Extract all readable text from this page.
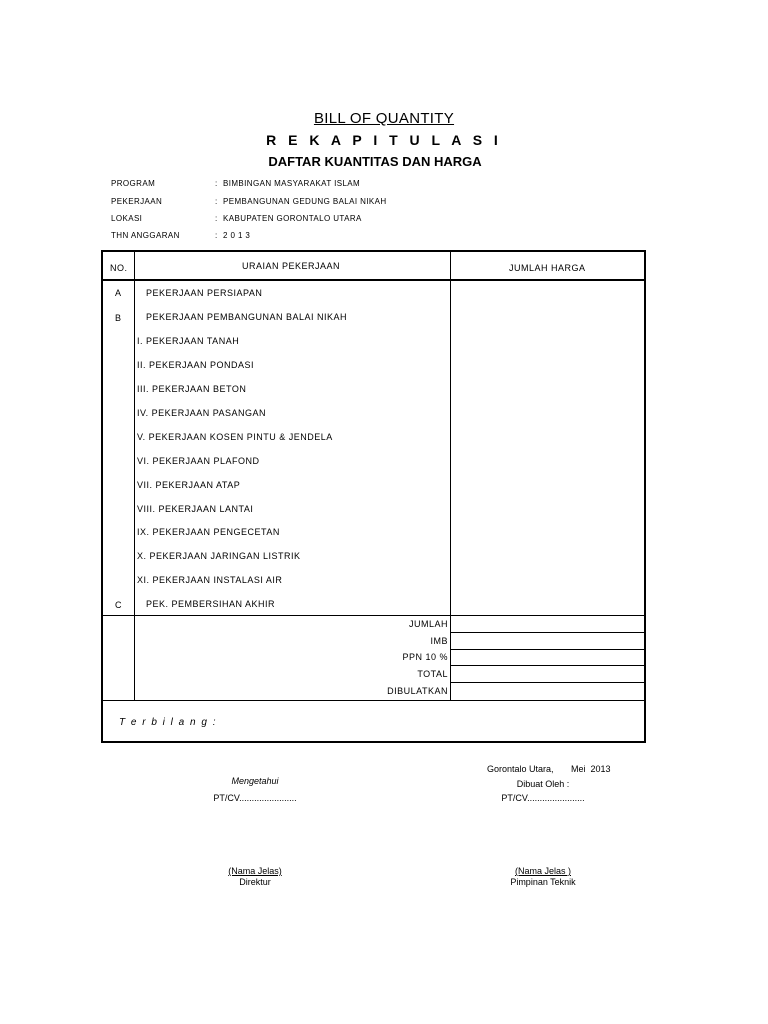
BILL OF QUANTITY
R E K A P I T U L A S I
DAFTAR KUANTITAS DAN HARGA
PROGRAM	: BIMBINGAN MASYARAKAT ISLAM
PEKERJAAN	: PEMBANGUNAN GEDUNG BALAI NIKAH
LOKASI	: KABUPATEN GORONTALO UTARA
THN ANGGARAN	: 2 0 1 3
NO.	URAIAN PEKERJAAN	JUMLAH HARGA
A	PEKERJAAN PERSIAPAN
B	PEKERJAAN PEMBANGUNAN BALAI NIKAH
I. PEKERJAAN TANAH
II. PEKERJAAN PONDASI
III. PEKERJAAN BETON
IV. PEKERJAAN PASANGAN
V. PEKERJAAN KOSEN PINTU & JENDELA
VI. PEKERJAAN PLAFOND
VII. PEKERJAAN ATAP
VIII. PEKERJAAN LANTAI
IX. PEKERJAAN PENGECETAN
X. PEKERJAAN JARINGAN LISTRIK
XI. PEKERJAAN INSTALASI AIR
C	PEK. PEMBERSIHAN AKHIR
JUMLAH
IMB
PPN 10 %
TOTAL
DIBULATKAN
T e r b i l a n g :
Gorontalo Utara,       Mei  2013
Mengetahui
PT/CV.......................
(Nama Jelas)
Direktur
Dibuat Oleh :
PT/CV.......................
(Nama Jelas )
Pimpinan Teknik
